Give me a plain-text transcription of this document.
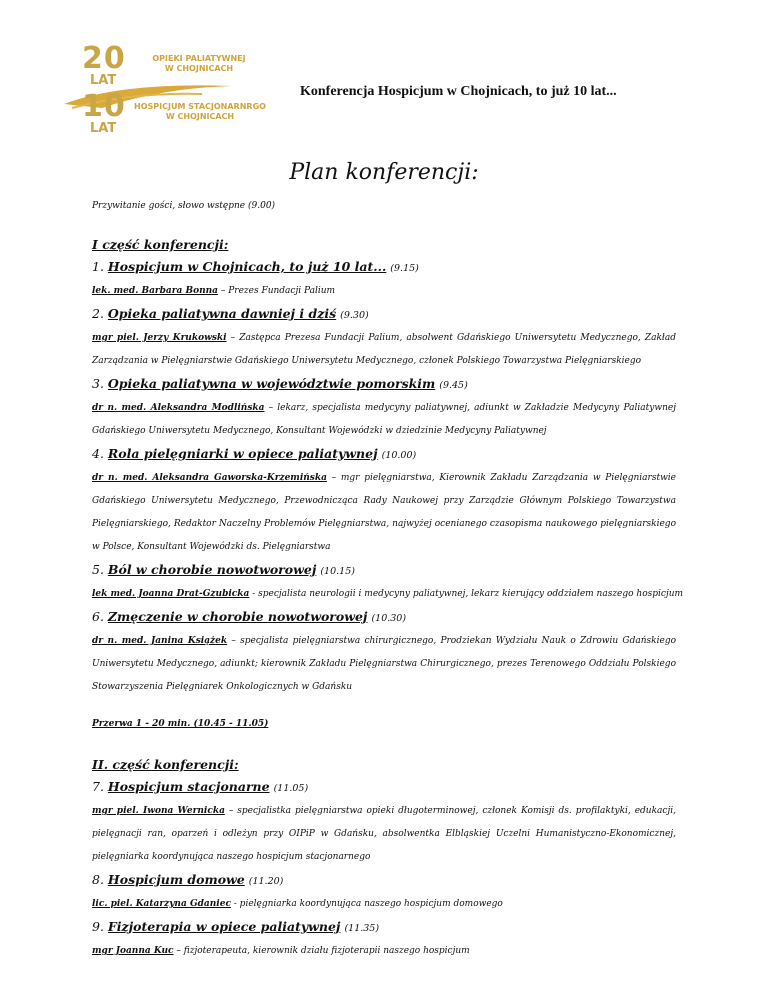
20
LAT
10
LAT
OPIEKI PALIATYWNEJ
W CHOJNICACH
HOSPICJUM STACJONARNRGO
W CHOJNICACH
Konferencja Hospicjum w Chojnicach, to już 10 lat...
Plan konferencji:
Przywitanie gości, słowo wstępne (9.00)
I część konferencji:
1. Hospicjum w Chojnicach, to już 10 lat... (9.15)
lek. med. Barbara Bonna – Prezes Fundacji Palium
2. Opieka paliatywna dawniej i dziś (9.30)
mgr piel. Jerzy Krukowski – Zastępca Prezesa Fundacji Palium, absolwent Gdańskiego Uniwersytetu Medycznego, Zakład
Zarządzania w Pielęgniarstwie Gdańskiego Uniwersytetu Medycznego, członek Polskiego Towarzystwa Pielęgniarskiego
3. Opieka paliatywna w województwie pomorskim (9.45)
dr n. med. Aleksandra Modlińska – lekarz, specjalista medycyny paliatywnej, adiunkt w Zakładzie Medycyny Paliatywnej
Gdańskiego Uniwersytetu Medycznego, Konsultant Wojewódzki w dziedzinie Medycyny Paliatywnej
4. Rola pielęgniarki w opiece paliatywnej (10.00)
dr n. med. Aleksandra Gaworska-Krzemińska – mgr pielęgniarstwa, Kierownik Zakładu Zarządzania w Pielęgniarstwie
Gdańskiego Uniwersytetu Medycznego, Przewodnicząca Rady Naukowej przy Zarządzie Głównym Polskiego Towarzystwa
Pielęgniarskiego, Redaktor Naczelny Problemów Pielęgniarstwa, najwyżej ocenianego czasopisma naukowego pielęgniarskiego
w Polsce, Konsultant Wojewódzki ds. Pielęgniarstwa
5. Ból w chorobie nowotworowej (10.15)
lek med. Joanna Drat-Gzubicka - specjalista neurologii i medycyny paliatywnej, lekarz kierujący oddziałem naszego hospicjum
6. Zmęczenie w chorobie nowotworowej (10.30)
dr n. med. Janina Książek – specjalista pielęgniarstwa chirurgicznego, Prodziekan Wydziału Nauk o Zdrowiu Gdańskiego
Uniwersytetu Medycznego, adiunkt; kierownik Zakładu Pielęgniarstwa Chirurgicznego, prezes Terenowego Oddziału Polskiego
Stowarzyszenia Pielęgniarek Onkologicznych w Gdańsku
Przerwa 1 - 20 min. (10.45 - 11.05)
II. część konferencji:
7. Hospicjum stacjonarne (11.05)
mgr piel. Iwona Wernicka – specjalistka pielęgniarstwa opieki długoterminowej, członek Komisji ds. profilaktyki, edukacji,
pielęgnacji ran, oparzeń i odleżyn przy OIPiP w Gdańsku, absolwentka Elbląskiej Uczelni Humanistyczno-Ekonomicznej,
pielęgniarka koordynująca naszego hospicjum stacjonarnego
8. Hospicjum domowe (11.20)
lic. piel. Katarzyna Gdaniec - pielęgniarka koordynująca naszego hospicjum domowego
9. Fizjoterapia w opiece paliatywnej (11.35)
mgr Joanna Kuc – fizjoterapeuta, kierownik działu fizjoterapii naszego hospicjum
